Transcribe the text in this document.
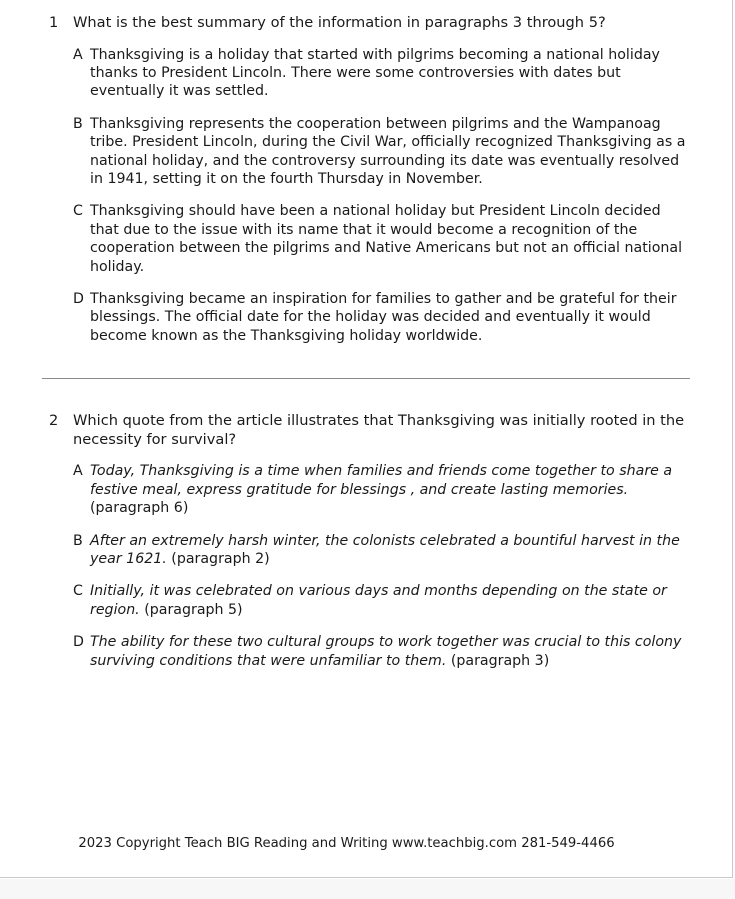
1	What is the best summary of the information in paragraphs 3 through 5?
A Thanksgiving is a holiday that started with pilgrims becoming a national holiday thanks to President Lincoln. There were some controversies with dates but eventually it was settled.
B Thanksgiving represents the cooperation between pilgrims and the Wampanoag tribe. President Lincoln, during the Civil War, officially recognized Thanksgiving as a national holiday, and the controversy surrounding its date was eventually resolved in 1941, setting it on the fourth Thursday in November.
C Thanksgiving should have been a national holiday but President Lincoln decided that due to the issue with its name that it would become a recognition of the cooperation between the pilgrims and Native Americans but not an official national holiday.
D Thanksgiving became an inspiration for families to gather and be grateful for their blessings. The official date for the holiday was decided and eventually it would become known as the Thanksgiving holiday worldwide.
2	Which quote from the article illustrates that Thanksgiving was initially rooted in the necessity for survival?
A Today, Thanksgiving is a time when families and friends come together to share a festive meal, express gratitude for blessings , and create lasting memories. (paragraph 6)
B After an extremely harsh winter, the colonists celebrated a bountiful harvest in the year 1621. (paragraph 2)
C Initially, it was celebrated on various days and months depending on the state or region. (paragraph 5)
D The ability for these two cultural groups to work together was crucial to this colony surviving conditions that were unfamiliar to them. (paragraph 3)
2023 Copyright Teach BIG Reading and Writing www.teachbig.com 281-549-4466
